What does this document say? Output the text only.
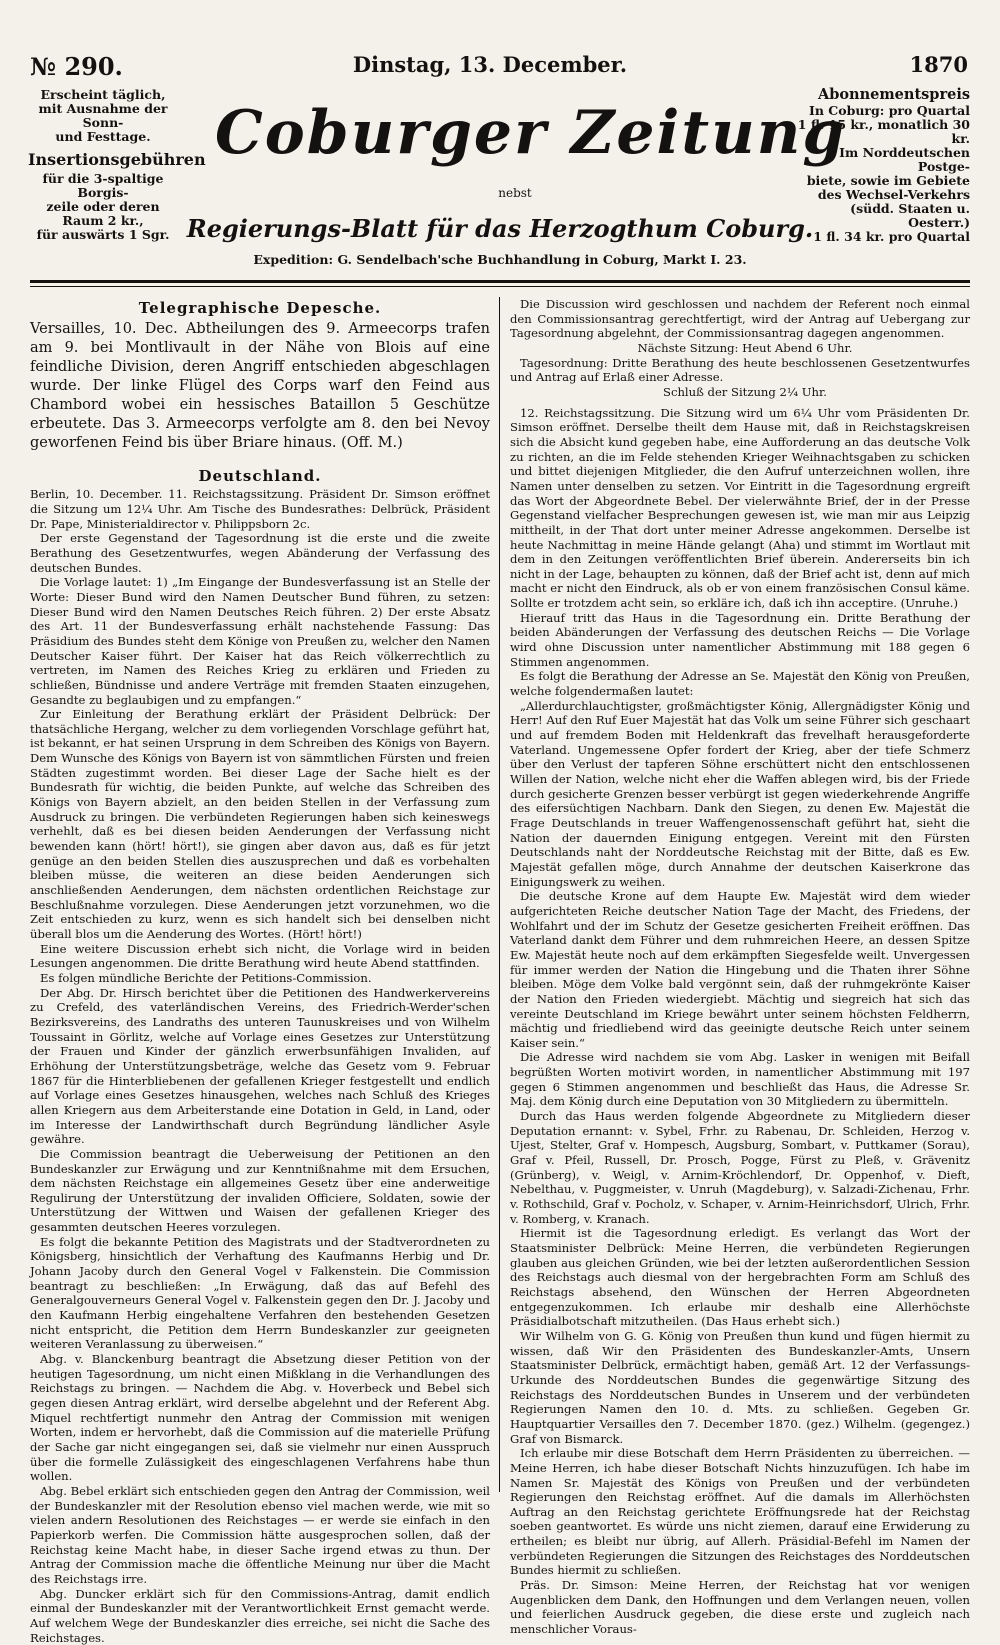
№ 290.	Dinstag, 13. December.	1870
Erscheint täglich,
mit Ausnahme der Sonn-
und Festtage.
Insertionsgebühren
für die 3-spaltige Borgis-
zeile oder deren Raum 2 kr.,
für auswärts 1 Sgr.
Coburger Zeitung
Abonnementspreis
In Coburg: pro Quartal
1 fl. 15 kr., monatlich 30 kr.
Im Norddeutschen Postge-
biete, sowie im Gebiete
des Wechsel-Verkehrs
(südd. Staaten u. Oesterr.)
1 fl. 34 kr. pro Quartal
nebst
Regierungs-Blatt für das Herzogthum Coburg.
Expedition: G. Sendelbach'sche Buchhandlung in Coburg, Markt I. 23.
Telegraphische Depesche.

Versailles, 10. Dec. Abtheilungen des 9. Armeecorps trafen am 9. bei Montlivault in der Nähe von Blois auf eine feindliche Division, deren Angriff entschieden abgeschlagen wurde. Der linke Flügel des Corps warf den Feind aus Chambord wobei ein hessisches Bataillon 5 Geschütze erbeutete. Das 3. Armeecorps verfolgte am 8. den bei Nevoy geworfenen Feind bis über Briare hinaus. (Off. M.)

Deutschland.

Berlin, 10. December. 11. Reichstagssitzung. Präsident Dr. Simson eröffnet die Sitzung um 12¼ Uhr. Am Tische des Bundesrathes: Delbrück, Präsident Dr. Pape, Ministerialdirector v. Philippsborn 2c.

Der erste Gegenstand der Tagesordnung ist die erste und die zweite Berathung des Gesetzentwurfes, wegen Abänderung der Verfassung des deutschen Bundes.

Die Vorlage lautet: 1) „Im Eingange der Bundesverfassung ist an Stelle der Worte: Dieser Bund wird den Namen Deutscher Bund führen, zu setzen: Dieser Bund wird den Namen Deutsches Reich führen. 2) Der erste Absatz des Art. 11 der Bundesverfassung erhält nachstehende Fassung: Das Präsidium des Bundes steht dem Könige von Preußen zu, welcher den Namen Deutscher Kaiser führt. Der Kaiser hat das Reich völkerrechtlich zu vertreten, im Namen des Reiches Krieg zu erklären und Frieden zu schließen, Bündnisse und andere Verträge mit fremden Staaten einzugehen, Gesandte zu beglaubigen und zu empfangen.“

Zur Einleitung der Berathung erklärt der Präsident Delbrück: Der thatsächliche Hergang, welcher zu dem vorliegenden Vorschlage geführt hat, ist bekannt, er hat seinen Ursprung in dem Schreiben des Königs von Bayern. Dem Wunsche des Königs von Bayern ist von sämmtlichen Fürsten und freien Städten zugestimmt worden. Bei dieser Lage der Sache hielt es der Bundesrath für wichtig, die beiden Punkte, auf welche das Schreiben des Königs von Bayern abzielt, an den beiden Stellen in der Verfassung zum Ausdruck zu bringen. Die verbündeten Regierungen haben sich keineswegs verhehlt, daß es bei diesen beiden Aenderungen der Verfassung nicht bewenden kann (hört! hört!), sie gingen aber davon aus, daß es für jetzt genüge an den beiden Stellen dies auszusprechen und daß es vorbehalten bleiben müsse, die weiteren an diese beiden Aenderungen sich anschließenden Aenderungen, dem nächsten ordentlichen Reichstage zur Beschlußnahme vorzulegen. Diese Aenderungen jetzt vorzunehmen, wo die Zeit entschieden zu kurz, wenn es sich handelt sich bei denselben nicht überall blos um die Aenderung des Wortes. (Hört! hört!)

Eine weitere Discussion erhebt sich nicht, die Vorlage wird in beiden Lesungen angenommen. Die dritte Berathung wird heute Abend stattfinden.

Es folgen mündliche Berichte der Petitions-Commission.

Der Abg. Dr. Hirsch berichtet über die Petitionen des Handwerkervereins zu Crefeld, des vaterländischen Vereins, des Friedrich-Werder'schen Bezirksvereins, des Landraths des unteren Taunuskreises und von Wilhelm Toussaint in Görlitz, welche auf Vorlage eines Gesetzes zur Unterstützung der Frauen und Kinder der gänzlich erwerbsunfähigen Invaliden, auf Erhöhung der Unterstützungsbeträge, welche das Gesetz vom 9. Februar 1867 für die Hinterbliebenen der gefallenen Krieger festgestellt und endlich auf Vorlage eines Gesetzes hinausgehen, welches nach Schluß des Krieges allen Kriegern aus dem Arbeiterstande eine Dotation in Geld, in Land, oder im Interesse der Landwirthschaft durch Begründung ländlicher Asyle gewähre.

Die Commission beantragt die Ueberweisung der Petitionen an den Bundeskanzler zur Erwägung und zur Kenntnißnahme mit dem Ersuchen, dem nächsten Reichstage ein allgemeines Gesetz über eine anderweitige Regulirung der Unterstützung der invaliden Officiere, Soldaten, sowie der Unterstützung der Wittwen und Waisen der gefallenen Krieger des gesammten deutschen Heeres vorzulegen.

Es folgt die bekannte Petition des Magistrats und der Stadtverordneten zu Königsberg, hinsichtlich der Verhaftung des Kaufmanns Herbig und Dr. Johann Jacoby durch den General Vogel v Falkenstein. Die Commission beantragt zu beschließen: „In Erwägung, daß das auf Befehl des Generalgouverneurs General Vogel v. Falkenstein gegen den Dr. J. Jacoby und den Kaufmann Herbig eingehaltene Verfahren den bestehenden Gesetzen nicht entspricht, die Petition dem Herrn Bundeskanzler zur geeigneten weiteren Veranlassung zu überweisen.“

Abg. v. Blanckenburg beantragt die Absetzung dieser Petition von der heutigen Tagesordnung, um nicht einen Mißklang in die Verhandlungen des Reichstags zu bringen. — Nachdem die Abg. v. Hoverbeck und Bebel sich gegen diesen Antrag erklärt, wird derselbe abgelehnt und der Referent Abg. Miquel rechtfertigt nunmehr den Antrag der Commission mit wenigen Worten, indem er hervorhebt, daß die Commission auf die materielle Prüfung der Sache gar nicht eingegangen sei, daß sie vielmehr nur einen Ausspruch über die formelle Zulässigkeit des eingeschlagenen Verfahrens habe thun wollen.

Abg. Bebel erklärt sich entschieden gegen den Antrag der Commission, weil der Bundeskanzler mit der Resolution ebenso viel machen werde, wie mit so vielen andern Resolutionen des Reichstages — er werde sie einfach in den Papierkorb werfen. Die Commission hätte ausgesprochen sollen, daß der Reichstag keine Macht habe, in dieser Sache irgend etwas zu thun. Der Antrag der Commission mache die öffentliche Meinung nur über die Macht des Reichstags irre.

Abg. Duncker erklärt sich für den Commissions-Antrag, damit endlich einmal der Bundeskanzler mit der Verantwortlichkeit Ernst gemacht werde. Auf welchem Wege der Bundeskanzler dies erreiche, sei nicht die Sache des Reichstages.

Die Discussion wird geschlossen und nachdem der Referent noch einmal den Commissionsantrag gerechtfertigt, wird der Antrag auf Uebergang zur Tagesordnung abgelehnt, der Commissionsantrag dagegen angenommen.

Nächste Sitzung: Heut Abend 6 Uhr.

Tagesordnung: Dritte Berathung des heute beschlossenen Gesetzentwurfes und Antrag auf Erlaß einer Adresse.

Schluß der Sitzung 2¼ Uhr.

12. Reichstagssitzung. Die Sitzung wird um 6¼ Uhr vom Präsidenten Dr. Simson eröffnet. Derselbe theilt dem Hause mit, daß in Reichstagskreisen sich die Absicht kund gegeben habe, eine Aufforderung an das deutsche Volk zu richten, an die im Felde stehenden Krieger Weihnachtsgaben zu schicken und bittet diejenigen Mitglieder, die den Aufruf unterzeichnen wollen, ihre Namen unter denselben zu setzen. Vor Eintritt in die Tagesordnung ergreift das Wort der Abgeordnete Bebel. Der vielerwähnte Brief, der in der Presse Gegenstand vielfacher Besprechungen gewesen ist, wie man mir aus Leipzig mittheilt, in der That dort unter meiner Adresse angekommen. Derselbe ist heute Nachmittag in meine Hände gelangt (Aha) und stimmt im Wortlaut mit dem in den Zeitungen veröffentlichten Brief überein. Andererseits bin ich nicht in der Lage, behaupten zu können, daß der Brief acht ist, denn auf mich macht er nicht den Eindruck, als ob er von einem französischen Consul käme. Sollte er trotzdem acht sein, so erkläre ich, daß ich ihn acceptire. (Unruhe.)

Hierauf tritt das Haus in die Tagesordnung ein. Dritte Berathung der beiden Abänderungen der Verfassung des deutschen Reichs — Die Vorlage wird ohne Discussion unter namentlicher Abstimmung mit 188 gegen 6 Stimmen angenommen.

Es folgt die Berathung der Adresse an Se. Majestät den König von Preußen, welche folgendermaßen lautet:

„Allerdurchlauchtigster, großmächtigster König, Allergnädigster König und Herr! Auf den Ruf Euer Majestät hat das Volk um seine Führer sich geschaart und auf fremdem Boden mit Heldenkraft das frevelhaft herausgeforderte Vaterland. Ungemessene Opfer fordert der Krieg, aber der tiefe Schmerz über den Verlust der tapferen Söhne erschüttert nicht den entschlossenen Willen der Nation, welche nicht eher die Waffen ablegen wird, bis der Friede durch gesicherte Grenzen besser verbürgt ist gegen wiederkehrende Angriffe des eifersüchtigen Nachbarn. Dank den Siegen, zu denen Ew. Majestät die Frage Deutschlands in treuer Waffengenossenschaft geführt hat, sieht die Nation der dauernden Einigung entgegen. Vereint mit den Fürsten Deutschlands naht der Norddeutsche Reichstag mit der Bitte, daß es Ew. Majestät gefallen möge, durch Annahme der deutschen Kaiserkrone das Einigungswerk zu weihen.

Die deutsche Krone auf dem Haupte Ew. Majestät wird dem wieder aufgerichteten Reiche deutscher Nation Tage der Macht, des Friedens, der Wohlfahrt und der im Schutz der Gesetze gesicherten Freiheit eröffnen. Das Vaterland dankt dem Führer und dem ruhmreichen Heere, an dessen Spitze Ew. Majestät heute noch auf dem erkämpften Siegesfelde weilt. Unvergessen für immer werden der Nation die Hingebung und die Thaten ihrer Söhne bleiben. Möge dem Volke bald vergönnt sein, daß der ruhmgekrönte Kaiser der Nation den Frieden wiedergiebt. Mächtig und siegreich hat sich das vereinte Deutschland im Kriege bewährt unter seinem höchsten Feldherrn, mächtig und friedliebend wird das geeinigte deutsche Reich unter seinem Kaiser sein.“

Die Adresse wird nachdem sie vom Abg. Lasker in wenigen mit Beifall begrüßten Worten motivirt worden, in namentlicher Abstimmung mit 197 gegen 6 Stimmen angenommen und beschließt das Haus, die Adresse Sr. Maj. dem König durch eine Deputation von 30 Mitgliedern zu übermitteln.

Durch das Haus werden folgende Abgeordnete zu Mitgliedern dieser Deputation ernannt: v. Sybel, Frhr. zu Rabenau, Dr. Schleiden, Herzog v. Ujest, Stelter, Graf v. Hompesch, Augsburg, Sombart, v. Puttkamer (Sorau), Graf v. Pfeil, Russell, Dr. Prosch, Pogge, Fürst zu Pleß, v. Grävenitz (Grünberg), v. Weigl, v. Arnim-Kröchlendorf, Dr. Oppenhof, v. Dieft, Nebelthau, v. Puggmeister, v. Unruh (Magdeburg), v. Salzadi-Zichenau, Frhr. v. Rothschild, Graf v. Pocholz, v. Schaper, v. Arnim-Heinrichsdorf, Ulrich, Frhr. v. Romberg, v. Kranach.

Hiermit ist die Tagesordnung erledigt. Es verlangt das Wort der Staatsminister Delbrück: Meine Herren, die verbündeten Regierungen glauben aus gleichen Gründen, wie bei der letzten außerordentlichen Session des Reichstags auch diesmal von der hergebrachten Form am Schluß des Reichstags absehend, den Wünschen der Herren Abgeordneten entgegenzukommen. Ich erlaube mir deshalb eine Allerhöchste Präsidialbotschaft mitzutheilen. (Das Haus erhebt sich.)

Wir Wilhelm von G. G. König von Preußen thun kund und fügen hiermit zu wissen, daß Wir den Präsidenten des Bundeskanzler-Amts, Unsern Staatsminister Delbrück, ermächtigt haben, gemäß Art. 12 der Verfassungs-Urkunde des Norddeutschen Bundes die gegenwärtige Sitzung des Reichstags des Norddeutschen Bundes in Unserem und der verbündeten Regierungen Namen den 10. d. Mts. zu schließen. Gegeben Gr. Hauptquartier Versailles den 7. December 1870. (gez.) Wilhelm. (gegengez.) Graf von Bismarck.

Ich erlaube mir diese Botschaft dem Herrn Präsidenten zu überreichen. — Meine Herren, ich habe dieser Botschaft Nichts hinzuzufügen. Ich habe im Namen Sr. Majestät des Königs von Preußen und der verbündeten Regierungen den Reichstag eröffnet. Auf die damals im Allerhöchsten Auftrag an den Reichstag gerichtete Eröffnungsrede hat der Reichstag soeben geantwortet. Es würde uns nicht ziemen, darauf eine Erwiderung zu ertheilen; es bleibt nur übrig, auf Allerh. Präsidial-Befehl im Namen der verbündeten Regierungen die Sitzungen des Reichstages des Norddeutschen Bundes hiermit zu schließen.

Präs. Dr. Simson: Meine Herren, der Reichstag hat vor wenigen Augenblicken dem Dank, den Hoffnungen und dem Verlangen neuen, vollen und feierlichen Ausdruck gegeben, die diese erste und zugleich nach menschlicher Voraus-
